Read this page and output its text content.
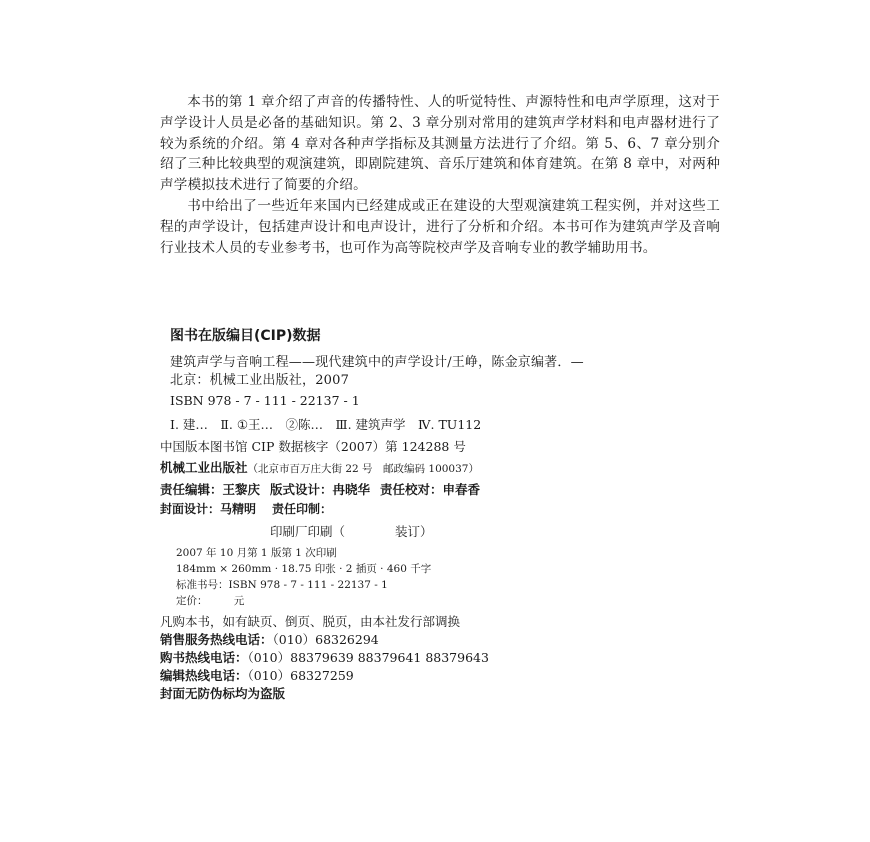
本书的第 1 章介绍了声音的传播特性、人的听觉特性、声源特性和电声学原理，这对于声学设计人员是必备的基础知识。第 2、3 章分别对常用的建筑声学材料和电声器材进行了较为系统的介绍。第 4 章对各种声学指标及其测量方法进行了介绍。第 5、6、7 章分别介绍了三种比较典型的观演建筑，即剧院建筑、音乐厅建筑和体育建筑。在第 8 章中，对两种声学模拟技术进行了简要的介绍。

书中给出了一些近年来国内已经建成或正在建设的大型观演建筑工程实例，并对这些工程的声学设计，包括建声设计和电声设计，进行了分析和介绍。本书可作为建筑声学及音响行业技术人员的专业参考书，也可作为高等院校声学及音响专业的教学辅助用书。

图书在版编目(CIP)数据
建筑声学与音响工程——现代建筑中的声学设计/王峥，陈金京编著．—
北京：机械工业出版社，2007
ISBN 978 - 7 - 111 - 22137 - 1
Ⅰ. 建…　Ⅱ. ①王…　②陈…　Ⅲ. 建筑声学　Ⅳ. TU112
中国版本图书馆 CIP 数据核字（2007）第 124288 号
机械工业出版社（北京市百万庄大街 22 号　邮政编码 100037）
责任编辑：王黎庆 版式设计：冉晓华 责任校对：申春香
封面设计：马精明 责任印制：
印刷厂印刷（　　　　装订）
2007 年 10 月第 1 版第 1 次印刷
184mm × 260mm · 18.75 印张 · 2 插页 · 460 千字
标准书号：ISBN 978 - 7 - 111 - 22137 - 1
定价：　　　元
凡购本书，如有缺页、倒页、脱页，由本社发行部调换
销售服务热线电话：（010）68326294
购书热线电话：（010）88379639 88379641 88379643
编辑热线电话：（010）68327259
封面无防伪标均为盗版
